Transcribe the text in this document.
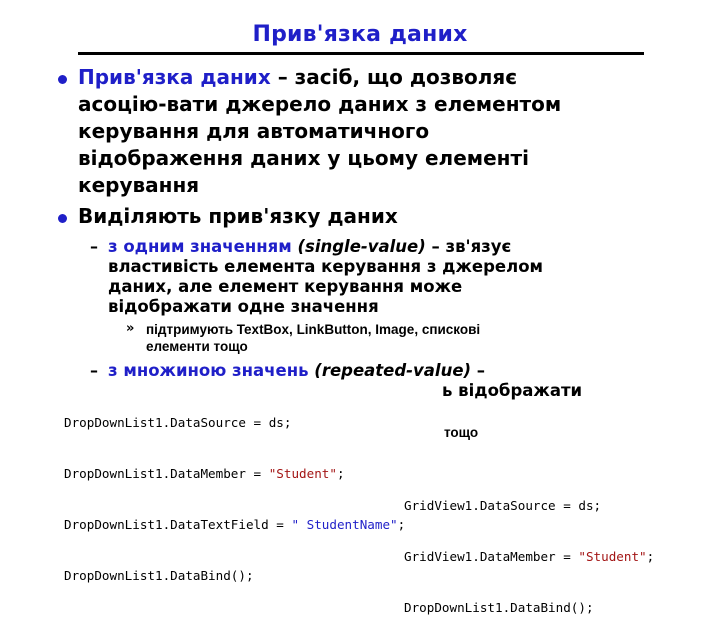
Прив'язка даних
Прив'язка даних – засіб, що дозволяє
асоцію-вати джерело даних з елементом
керування для автоматичного
відображення даних у цьому елементі
керування
Виділяють прив'язку даних
– з одним значенням (single-value) – зв'язує
властивість елемента керування з джерелом
даних, але елемент керування може
відображати одне значення
» підтримують TextBox, LinkButton, Image, спискові
елементи тощо
– з множиною значень (repeated-value) –
ь відображати
тощо

DropDownList1.DataSource = ds;

DropDownList1.DataMember = "Student";

DropDownList1.DataTextField = " StudentName";

DropDownList1.DataBind();

GridView1.DataSource = ds;

GridView1.DataMember = "Student";

DropDownList1.DataBind();
